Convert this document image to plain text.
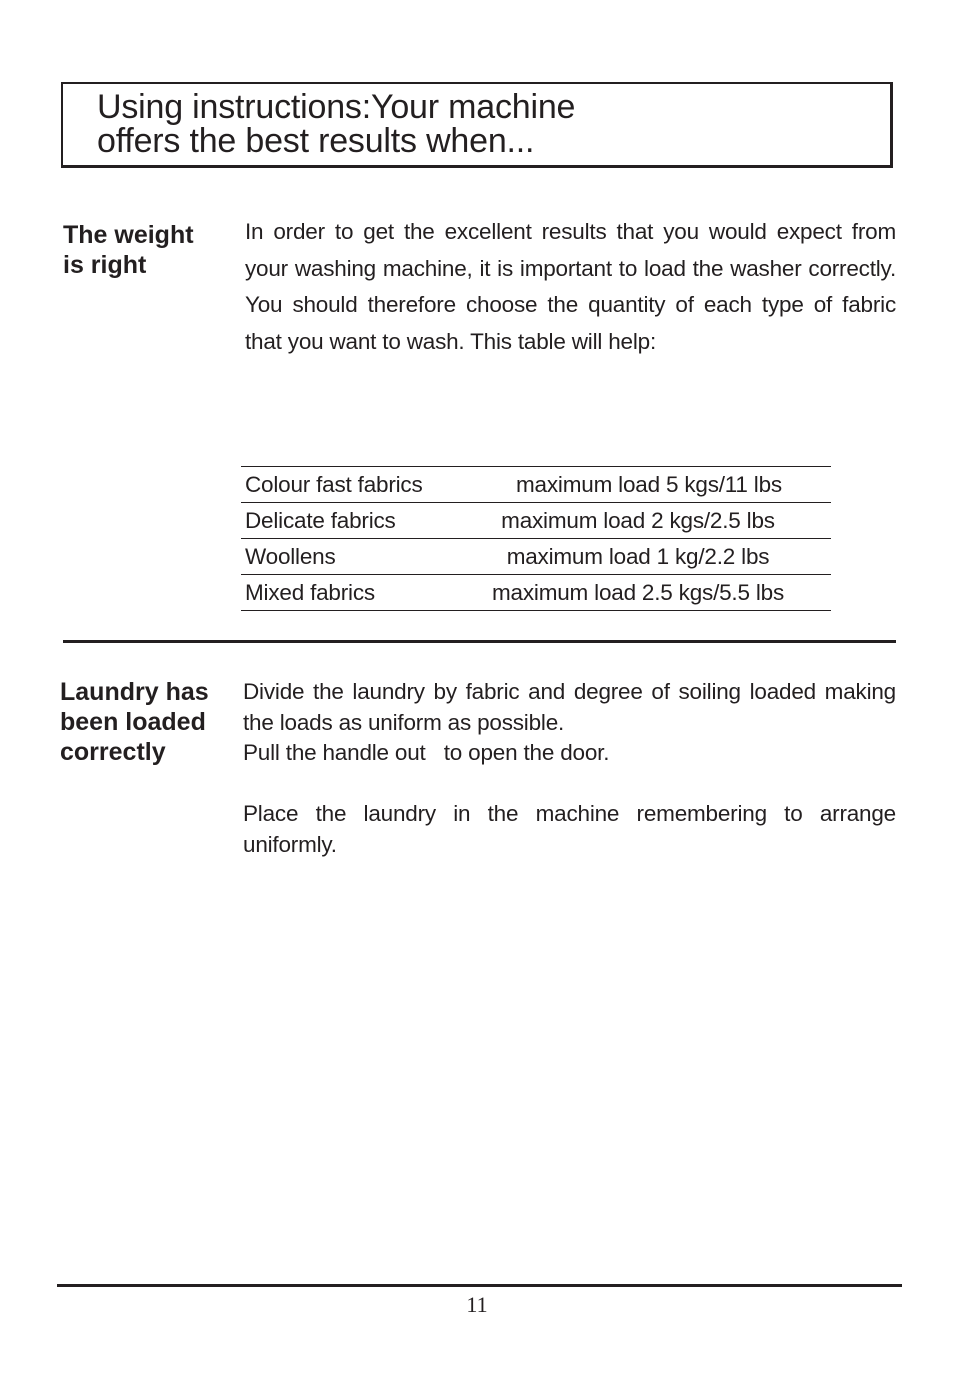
Using instructions:Your machine
offers the best results when...
The weight
is right

In order to get the excellent results that you would expect from your washing machine, it is important to load the washer correctly. You should therefore choose the quantity of each type of fabric that you want to wash. This table will help:

Colour fast fabrics	maximum load 5 kgs/11 lbs
Delicate fabrics	maximum load 2 kgs/2.5 lbs
Woollens	maximum load 1 kg/2.2 lbs
Mixed fabrics	maximum load 2.5 kgs/5.5 lbs
Laundry has
been loaded
correctly
Divide the laundry by fabric and degree of soiling loaded making the loads as uniform as possible.
Pull the handle out   to open the door.
Place the laundry in the machine remembering to arrange uniformly.
11
